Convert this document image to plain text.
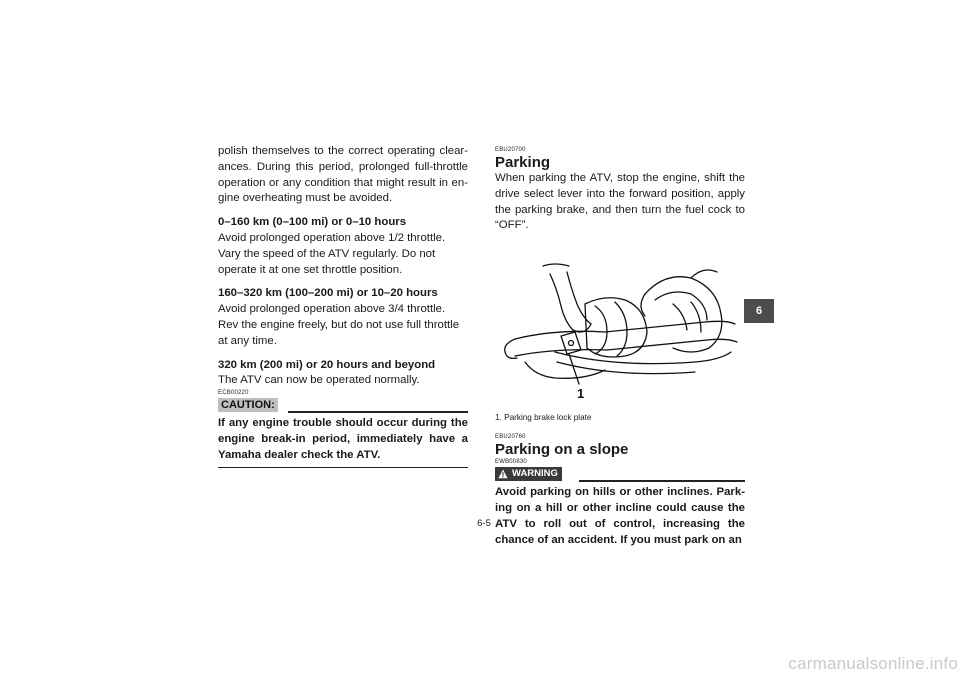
polish themselves to the correct operating clear- ances. During this period, prolonged full-throttle operation or any condition that might result in en- gine overheating must be avoided.

0–160 km (0–100 mi) or 0–10 hours

Avoid prolonged operation above 1/2 throttle. Vary the speed of the ATV regularly. Do not operate it at one set throttle position.

160–320 km (100–200 mi) or 10–20 hours

Avoid prolonged operation above 3/4 throttle. Rev the engine freely, but do not use full throttle at any time.

320 km (200 mi) or 20 hours and beyond

The ATV can now be operated normally.

ECB00220
CAUTION:
If any engine trouble should occur during the engine break-in period, immediately have a Yamaha dealer check the ATV.
EBU20700
Parking

When parking the ATV, stop the engine, shift the drive select lever into the forward position, apply the parking brake, and then turn the fuel cock to “OFF”.

1
1. Parking brake lock plate
EBU20760
Parking on a slope
EWB00830
WARNING
Avoid parking on hills or other inclines. Park- ing on a hill or other incline could cause the ATV to roll out of control, increasing the chance of an accident. If you must park on an
6-5
6
carmanualsonline.info
